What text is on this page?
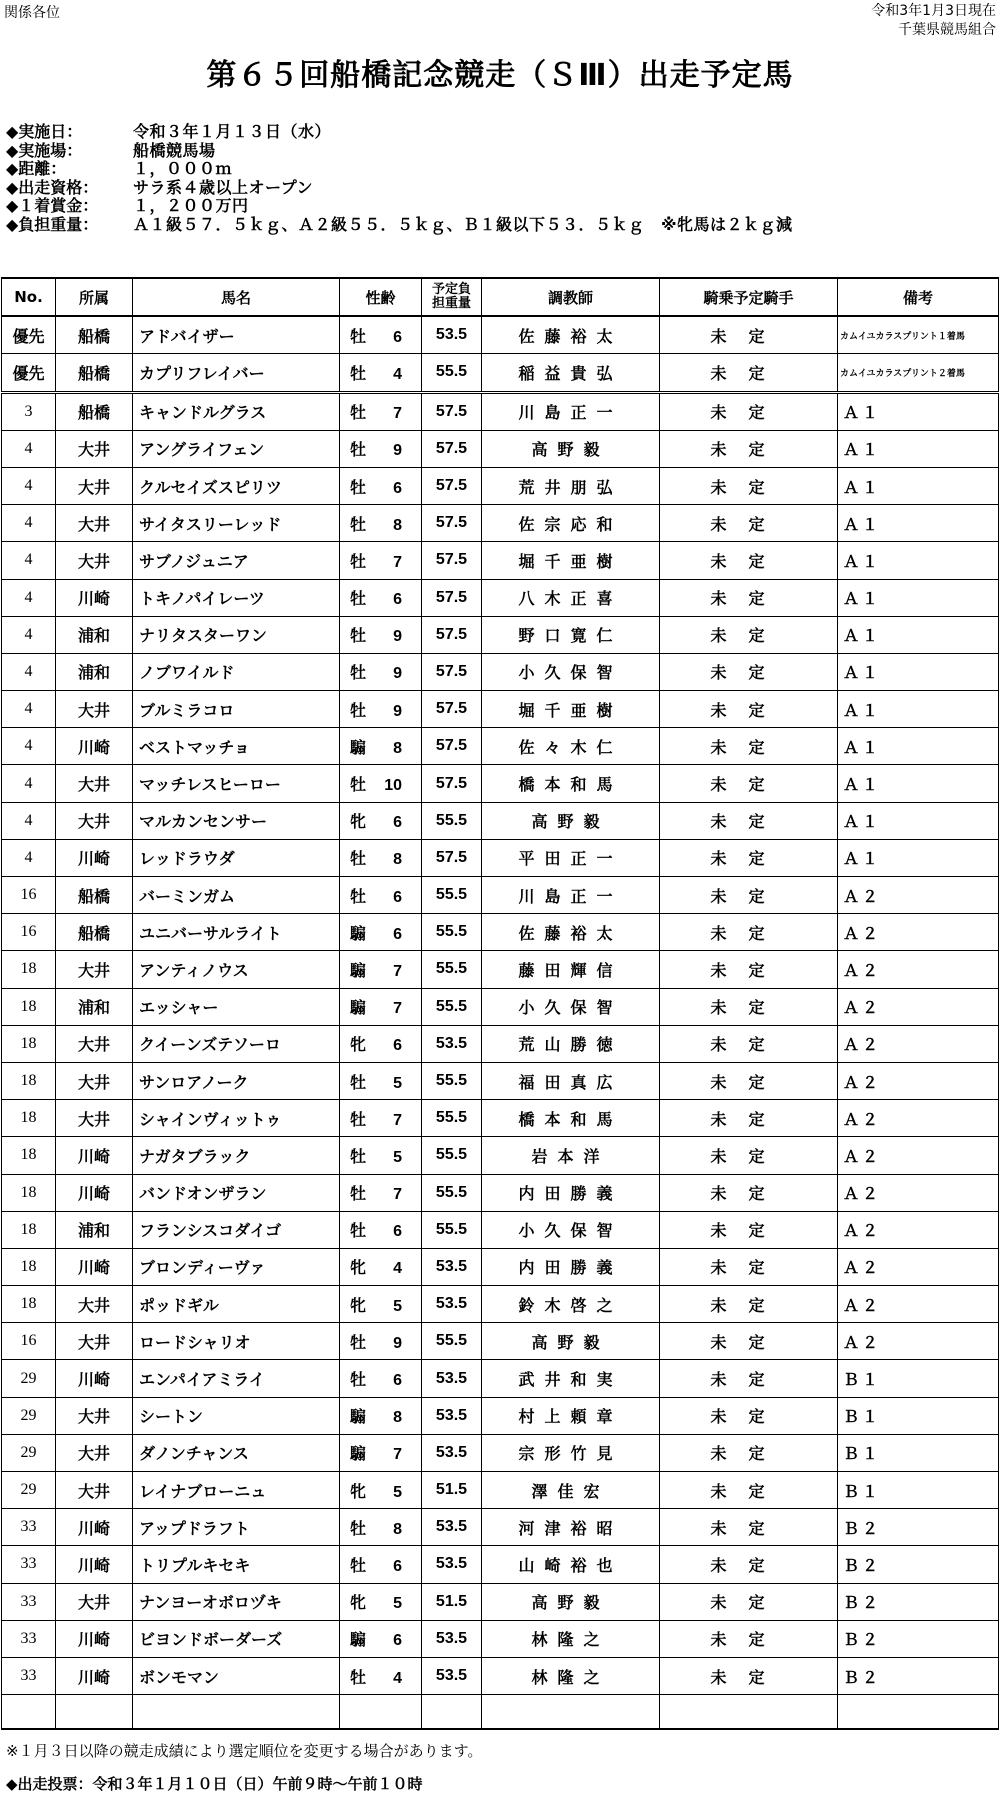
関係各位	令和3年1月3日現在
千葉県競馬組合
第６５回船橋記念競走（ＳⅢ）出走予定馬
◆実施日：	令和３年１月１３日（水）
◆実施場：	船橋競馬場
◆距離：	１，０００ｍ
◆出走資格：	サラ系４歳以上オープン
◆１着賞金：	１，２００万円
◆負担重量：	Ａ１級５７．５ｋｇ、Ａ２級５５．５ｋｇ、Ｂ１級以下５３．５ｋｇ　※牝馬は２ｋｇ減
No.	所属	馬名	性齢	予定負
担重量	調教師	騎乗予定騎手	備考
優先	船橋	アドバイザー	牡 6	53.5	佐藤裕太	未定	カムイユカラスプリント１着馬
優先	船橋	カプリフレイバー	牡 4	55.5	稲益貴弘	未定	カムイユカラスプリント２着馬
3	船橋	キャンドルグラス	牡 7	57.5	川島正一	未定	Ａ１
4	大井	アングライフェン	牡 9	57.5	高野毅	未定	Ａ１
4	大井	クルセイズスピリツ	牡 6	57.5	荒井朋弘	未定	Ａ１
4	大井	サイタスリーレッド	牡 8	57.5	佐宗応和	未定	Ａ１
4	大井	サブノジュニア	牡 7	57.5	堀千亜樹	未定	Ａ１
4	川崎	トキノパイレーツ	牡 6	57.5	八木正喜	未定	Ａ１
4	浦和	ナリタスターワン	牡 9	57.5	野口寛仁	未定	Ａ１
4	浦和	ノブワイルド	牡 9	57.5	小久保智	未定	Ａ１
4	大井	ブルミラコロ	牡 9	57.5	堀千亜樹	未定	Ａ１
4	川崎	ベストマッチョ	騸 8	57.5	佐々木仁	未定	Ａ１
4	大井	マッチレスヒーロー	牡 10	57.5	橋本和馬	未定	Ａ１
4	大井	マルカンセンサー	牝 6	55.5	高野毅	未定	Ａ１
4	川崎	レッドラウダ	牡 8	57.5	平田正一	未定	Ａ１
16	船橋	バーミンガム	牡 6	55.5	川島正一	未定	Ａ２
16	船橋	ユニバーサルライト	騸 6	55.5	佐藤裕太	未定	Ａ２
18	大井	アンティノウス	騸 7	55.5	藤田輝信	未定	Ａ２
18	浦和	エッシャー	騸 7	55.5	小久保智	未定	Ａ２
18	大井	クイーンズテソーロ	牝 6	53.5	荒山勝徳	未定	Ａ２
18	大井	サンロアノーク	牡 5	55.5	福田真広	未定	Ａ２
18	大井	シャインヴィットゥ	牡 7	55.5	橋本和馬	未定	Ａ２
18	川崎	ナガタブラック	牡 5	55.5	岩本洋	未定	Ａ２
18	川崎	バンドオンザラン	牡 7	55.5	内田勝義	未定	Ａ２
18	浦和	フランシスコダイゴ	牡 6	55.5	小久保智	未定	Ａ２
18	川崎	ブロンディーヴァ	牝 4	53.5	内田勝義	未定	Ａ２
18	大井	ポッドギル	牝 5	53.5	鈴木啓之	未定	Ａ２
16	大井	ロードシャリオ	牡 9	55.5	高野毅	未定	Ａ２
29	川崎	エンパイアミライ	牡 6	53.5	武井和実	未定	Ｂ１
29	大井	シートン	騸 8	53.5	村上頼章	未定	Ｂ１
29	大井	ダノンチャンス	騸 7	53.5	宗形竹見	未定	Ｂ１
29	大井	レイナブローニュ	牝 5	51.5	澤佳宏	未定	Ｂ１
33	川崎	アップドラフト	牡 8	53.5	河津裕昭	未定	Ｂ２
33	川崎	トリプルキセキ	牡 6	53.5	山崎裕也	未定	Ｂ２
33	大井	ナンヨーオボロヅキ	牝 5	51.5	高野毅	未定	Ｂ２
33	川崎	ビヨンドボーダーズ	騸 6	53.5	林隆之	未定	Ｂ２
33	川崎	ボンモマン	牡 4	53.5	林隆之	未定	Ｂ２

※１月３日以降の競走成績により選定順位を変更する場合があります。
◆出走投票：令和３年１月１０日（日）午前９時～午前１０時
